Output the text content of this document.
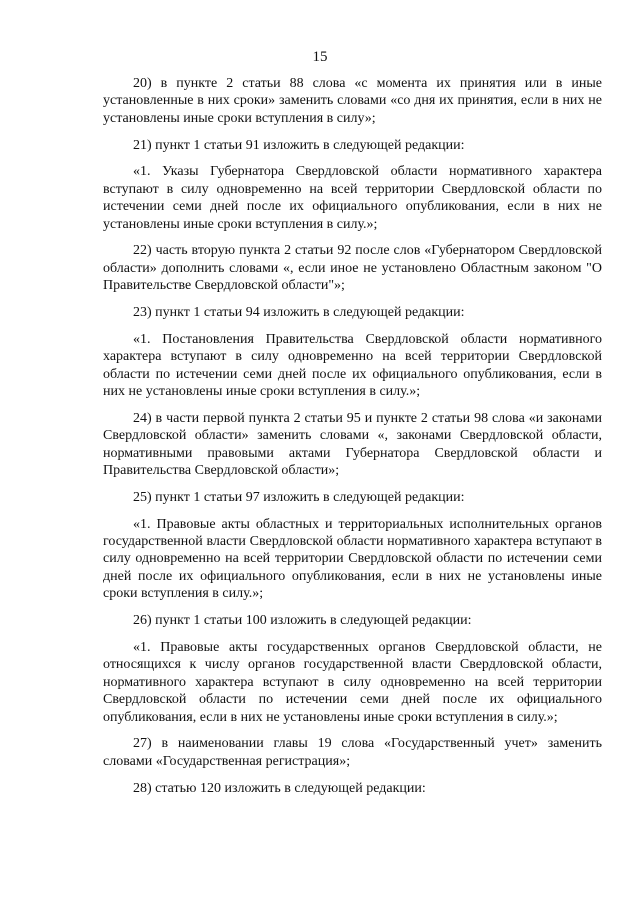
15

20) в пункте 2 статьи 88 слова «с момента их принятия или в иные установленные в них сроки» заменить словами «со дня их принятия, если в них не установлены иные сроки вступления в силу»;

21) пункт 1 статьи 91 изложить в следующей редакции:

«1. Указы Губернатора Свердловской области нормативного характера вступают в силу одновременно на всей территории Свердловской области по истечении семи дней после их официального опубликования, если в них не установлены иные сроки вступления в силу.»;

22) часть вторую пункта 2 статьи 92 после слов «Губернатором Свердловской области» дополнить словами «, если иное не установлено Областным законом "О Правительстве Свердловской области"»;

23) пункт 1 статьи 94 изложить в следующей редакции:

«1. Постановления Правительства Свердловской области нормативного характера вступают в силу одновременно на всей территории Свердловской области по истечении семи дней после их официального опубликования, если в них не установлены иные сроки вступления в силу.»;

24) в части первой пункта 2 статьи 95 и пункте 2 статьи 98 слова «и законами Свердловской области» заменить словами «, законами Свердловской области, нормативными правовыми актами Губернатора Свердловской области и Правительства Свердловской области»;

25) пункт 1 статьи 97 изложить в следующей редакции:

«1. Правовые акты областных и территориальных исполнительных органов государственной власти Свердловской области нормативного характера вступают в силу одновременно на всей территории Свердловской области по истечении семи дней после их официального опубликования, если в них не установлены иные сроки вступления в силу.»;

26) пункт 1 статьи 100 изложить в следующей редакции:

«1. Правовые акты государственных органов Свердловской области, не относящихся к числу органов государственной власти Свердловской области, нормативного характера вступают в силу одновременно на всей территории Свердловской области по истечении семи дней после их официального опубликования, если в них не установлены иные сроки вступления в силу.»;

27) в наименовании главы 19 слова «Государственный учет» заменить словами «Государственная регистрация»;

28) статью 120 изложить в следующей редакции:
